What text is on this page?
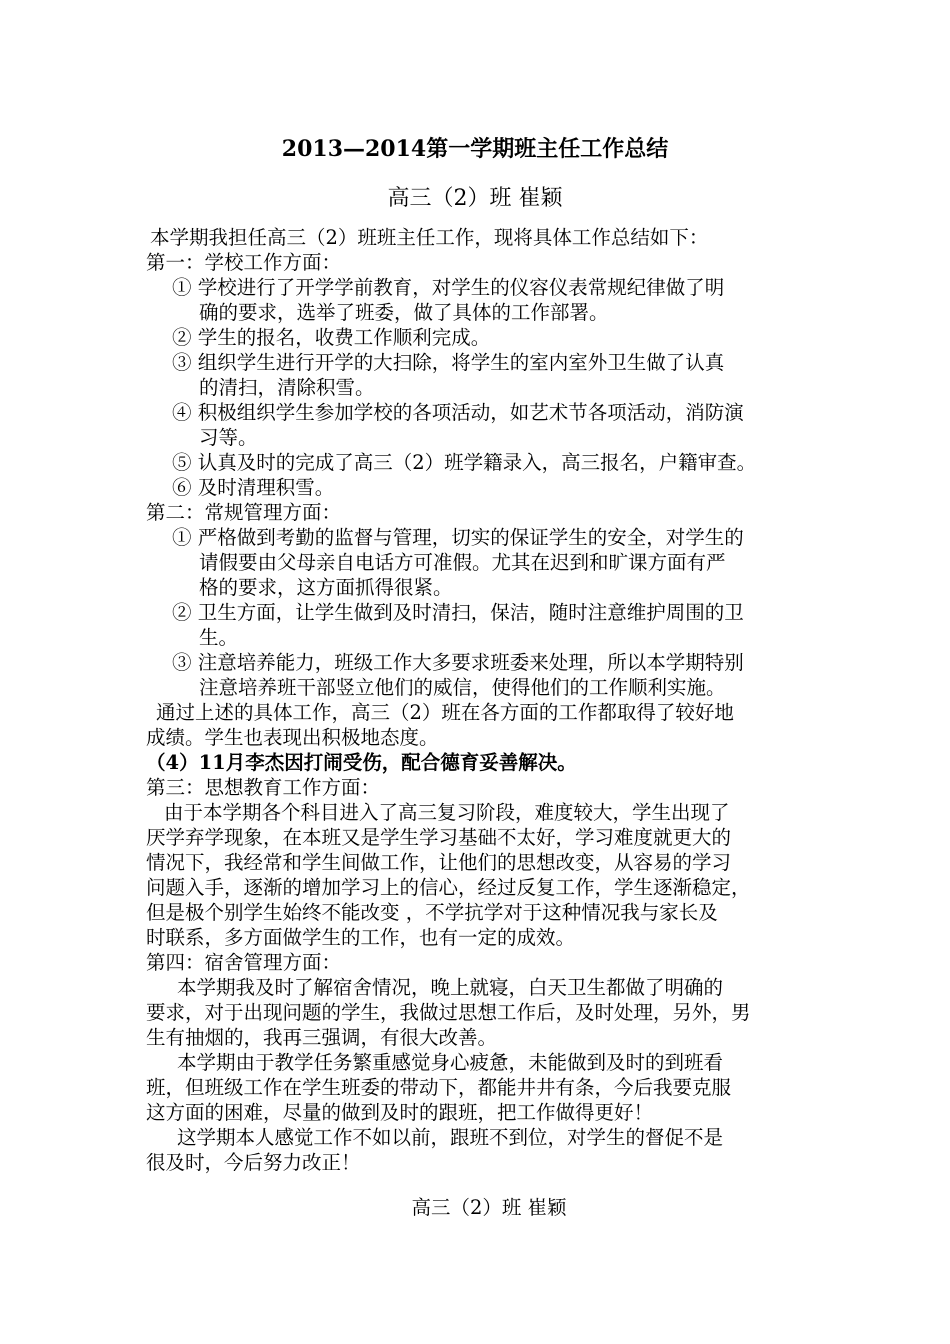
2013—2014第一学期班主任工作总结
高三（2）班 崔颖
本学期我担任高三（2）班班主任工作，现将具体工作总结如下：
第一：学校工作方面：
① 学校进行了开学学前教育，对学生的仪容仪表常规纪律做了明
确的要求，选举了班委，做了具体的工作部署。
② 学生的报名，收费工作顺利完成。
③ 组织学生进行开学的大扫除，将学生的室内室外卫生做了认真
的清扫，清除积雪。
④ 积极组织学生参加学校的各项活动，如艺术节各项活动，消防演
习等。
⑤ 认真及时的完成了高三（2）班学籍录入，高三报名，户籍审查。
⑥ 及时清理积雪。
第二：常规管理方面：
① 严格做到考勤的监督与管理，切实的保证学生的安全，对学生的
请假要由父母亲自电话方可准假。尤其在迟到和旷课方面有严
格的要求，这方面抓得很紧。
② 卫生方面，让学生做到及时清扫，保洁，随时注意维护周围的卫
生。
③ 注意培养能力，班级工作大多要求班委来处理，所以本学期特别
注意培养班干部竖立他们的威信，使得他们的工作顺利实施。
通过上述的具体工作，高三（2）班在各方面的工作都取得了较好地
成绩。学生也表现出积极地态度。
（4）11月李杰因打闹受伤，配合德育妥善解决。
第三：思想教育工作方面：
由于本学期各个科目进入了高三复习阶段，难度较大，学生出现了
厌学弃学现象，在本班又是学生学习基础不太好，学习难度就更大的
情况下，我经常和学生间做工作，让他们的思想改变，从容易的学习
问题入手，逐渐的增加学习上的信心，经过反复工作，学生逐渐稳定，
但是极个别学生始终不能改变 ，不学抗学对于这种情况我与家长及
时联系，多方面做学生的工作，也有一定的成效。
第四：宿舍管理方面：
本学期我及时了解宿舍情况，晚上就寝，白天卫生都做了明确的
要求，对于出现问题的学生，我做过思想工作后，及时处理，另外，男
生有抽烟的，我再三强调，有很大改善。
本学期由于教学任务繁重感觉身心疲惫，未能做到及时的到班看
班，但班级工作在学生班委的带动下，都能井井有条，今后我要克服
这方面的困难，尽量的做到及时的跟班，把工作做得更好！
这学期本人感觉工作不如以前，跟班不到位，对学生的督促不是
很及时，今后努力改正！
高三（2）班 崔颖
